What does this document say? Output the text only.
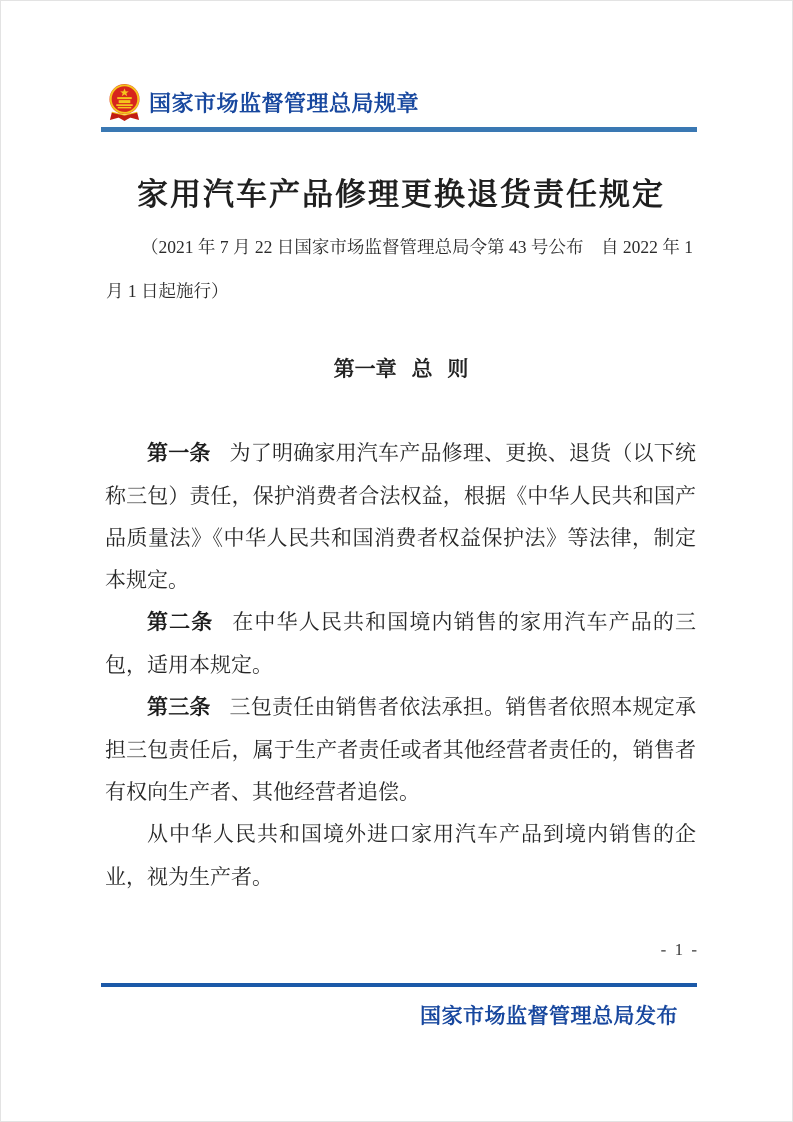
国家市场监督管理总局规章
家用汽车产品修理更换退货责任规定
（2021 年 7 月 22 日国家市场监督管理总局令第 43 号公布　自 2022 年 1 月 1 日起施行）
第一章 总 则

第一条 为了明确家用汽车产品修理、更换、退货（以下统称三包）责任，保护消费者合法权益，根据《中华人民共和国产品质量法》《中华人民共和国消费者权益保护法》等法律，制定本规定。

第二条 在中华人民共和国境内销售的家用汽车产品的三包，适用本规定。

第三条 三包责任由销售者依法承担。销售者依照本规定承担三包责任后，属于生产者责任或者其他经营者责任的，销售者有权向生产者、其他经营者追偿。

从中华人民共和国境外进口家用汽车产品到境内销售的企业，视为生产者。

- 1 -
国家市场监督管理总局发布
